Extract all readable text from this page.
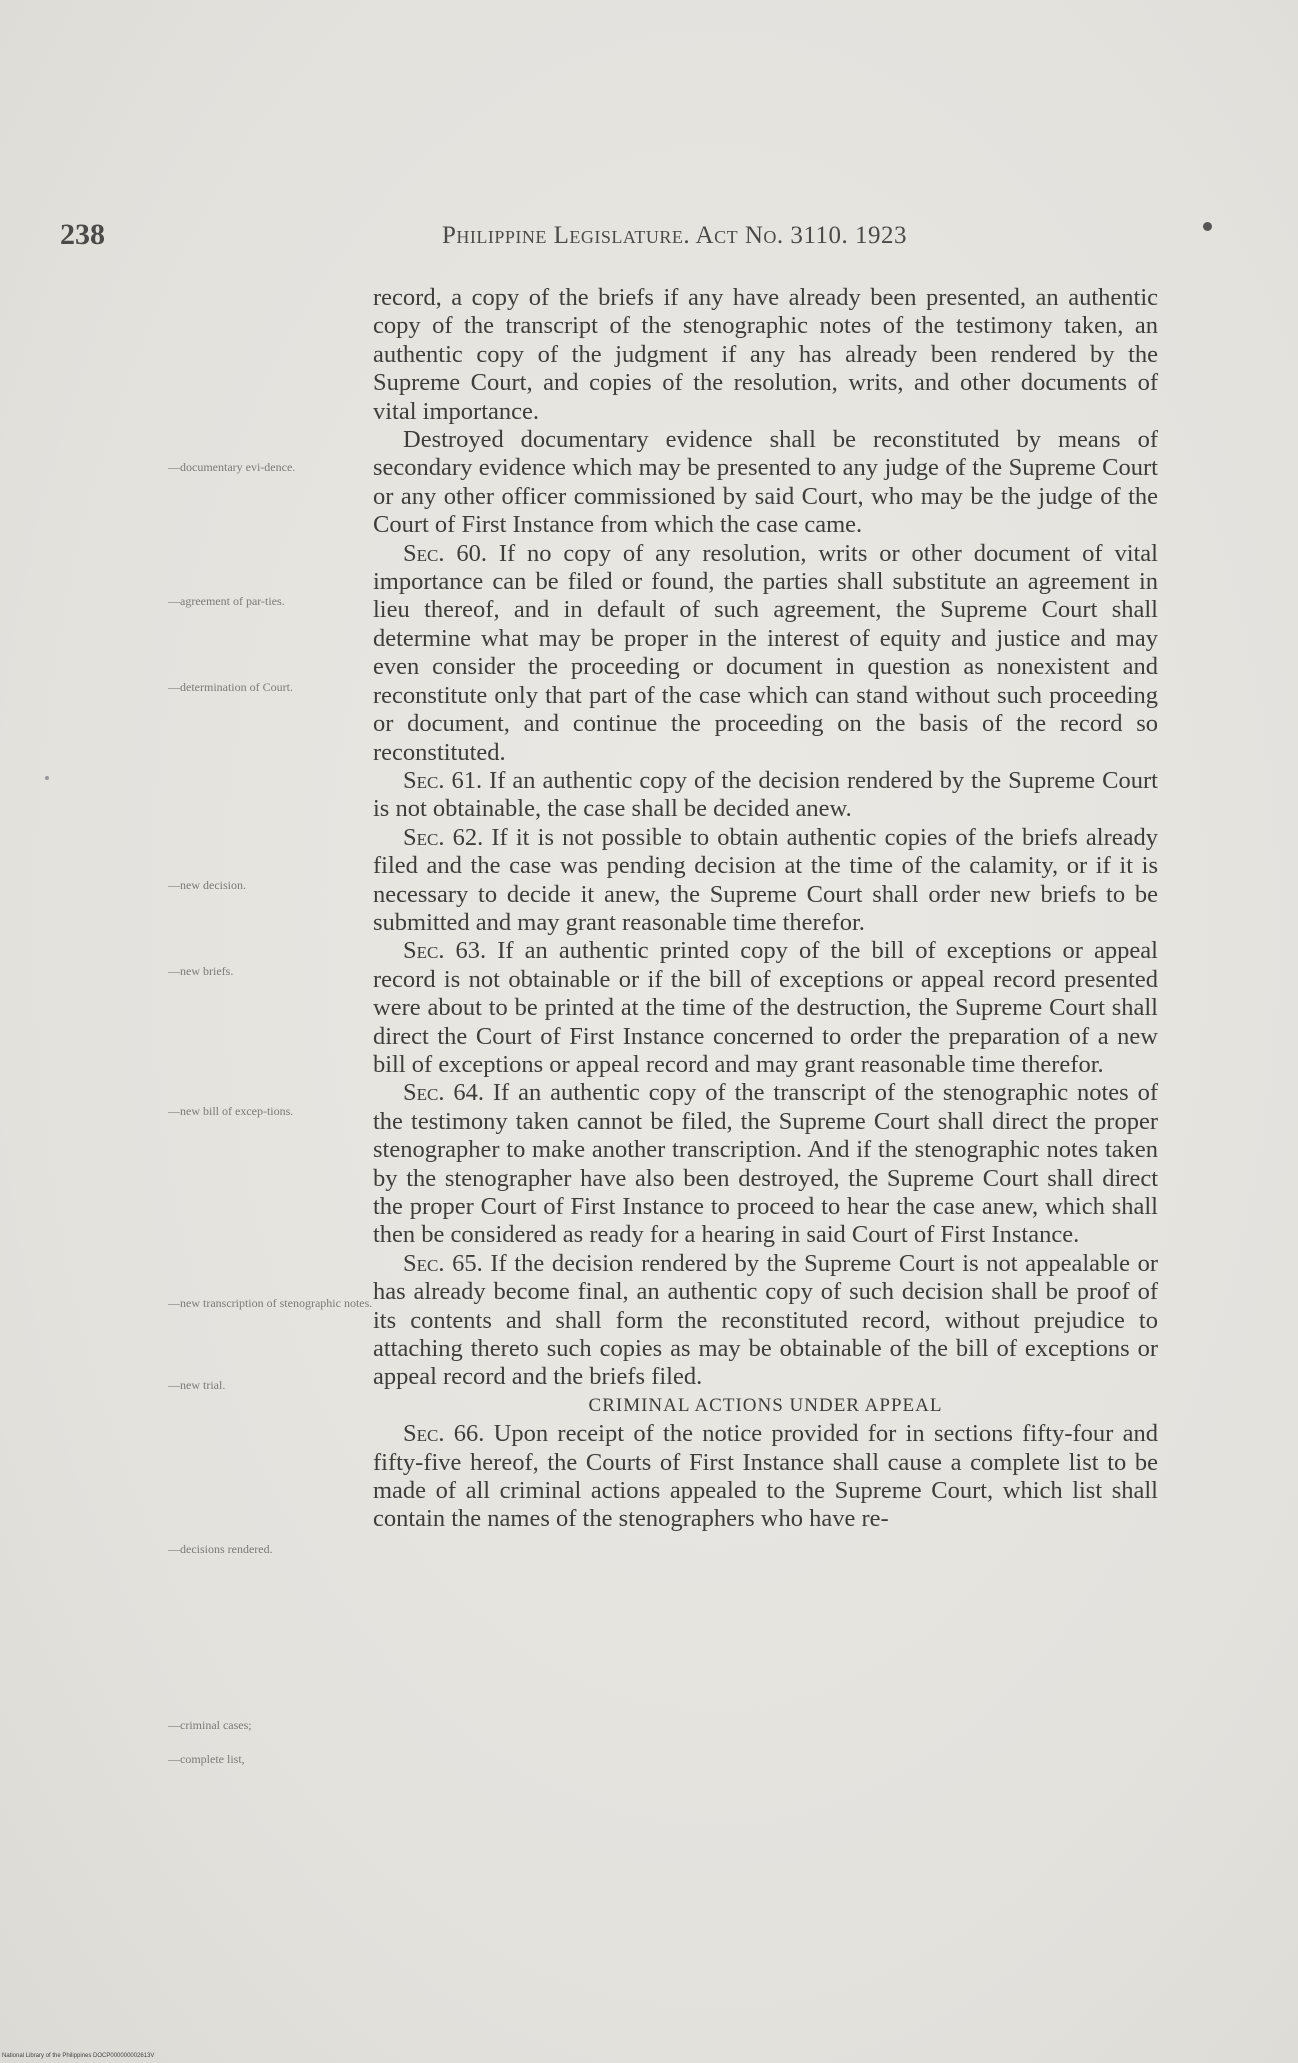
238	Philippine Legislature. Act No. 3110. 1923
—documentary evi-dence.
—agreement of par-ties.
—determination of Court.
—new decision.
—new briefs.
—new bill of excep-tions.
—new transcription of stenographic notes.
—new trial.
—decisions rendered.
—criminal cases;
—complete list,

record, a copy of the briefs if any have already been presented, an authentic copy of the transcript of the stenographic notes of the testimony taken, an authentic copy of the judgment if any has already been rendered by the Supreme Court, and copies of the resolution, writs, and other documents of vital importance.

Destroyed documentary evidence shall be reconstituted by means of secondary evidence which may be presented to any judge of the Supreme Court or any other officer commissioned by said Court, who may be the judge of the Court of First Instance from which the case came.

Sec. 60. If no copy of any resolution, writs or other document of vital importance can be filed or found, the parties shall substitute an agreement in lieu thereof, and in default of such agreement, the Supreme Court shall determine what may be proper in the interest of equity and justice and may even consider the proceeding or document in question as nonexistent and reconstitute only that part of the case which can stand without such proceeding or document, and continue the proceeding on the basis of the record so reconstituted.

Sec. 61. If an authentic copy of the decision rendered by the Supreme Court is not obtainable, the case shall be decided anew.

Sec. 62. If it is not possible to obtain authentic copies of the briefs already filed and the case was pending decision at the time of the calamity, or if it is necessary to decide it anew, the Supreme Court shall order new briefs to be submitted and may grant reasonable time therefor.

Sec. 63. If an authentic printed copy of the bill of exceptions or appeal record is not obtainable or if the bill of exceptions or appeal record presented were about to be printed at the time of the destruction, the Supreme Court shall direct the Court of First Instance concerned to order the preparation of a new bill of exceptions or appeal record and may grant reasonable time therefor.

Sec. 64. If an authentic copy of the transcript of the stenographic notes of the testimony taken cannot be filed, the Supreme Court shall direct the proper stenographer to make another transcription. And if the stenographic notes taken by the stenographer have also been destroyed, the Supreme Court shall direct the proper Court of First Instance to proceed to hear the case anew, which shall then be considered as ready for a hearing in said Court of First Instance.

Sec. 65. If the decision rendered by the Supreme Court is not appealable or has already become final, an authentic copy of such decision shall be proof of its contents and shall form the reconstituted record, without prejudice to attaching thereto such copies as may be obtainable of the bill of exceptions or appeal record and the briefs filed.

CRIMINAL ACTIONS UNDER APPEAL

Sec. 66. Upon receipt of the notice provided for in sections fifty-four and fifty-five hereof, the Courts of First Instance shall cause a complete list to be made of all criminal actions appealed to the Supreme Court, which list shall contain the names of the stenographers who have re-

National Library of the Philippines DOCP000000002613V
